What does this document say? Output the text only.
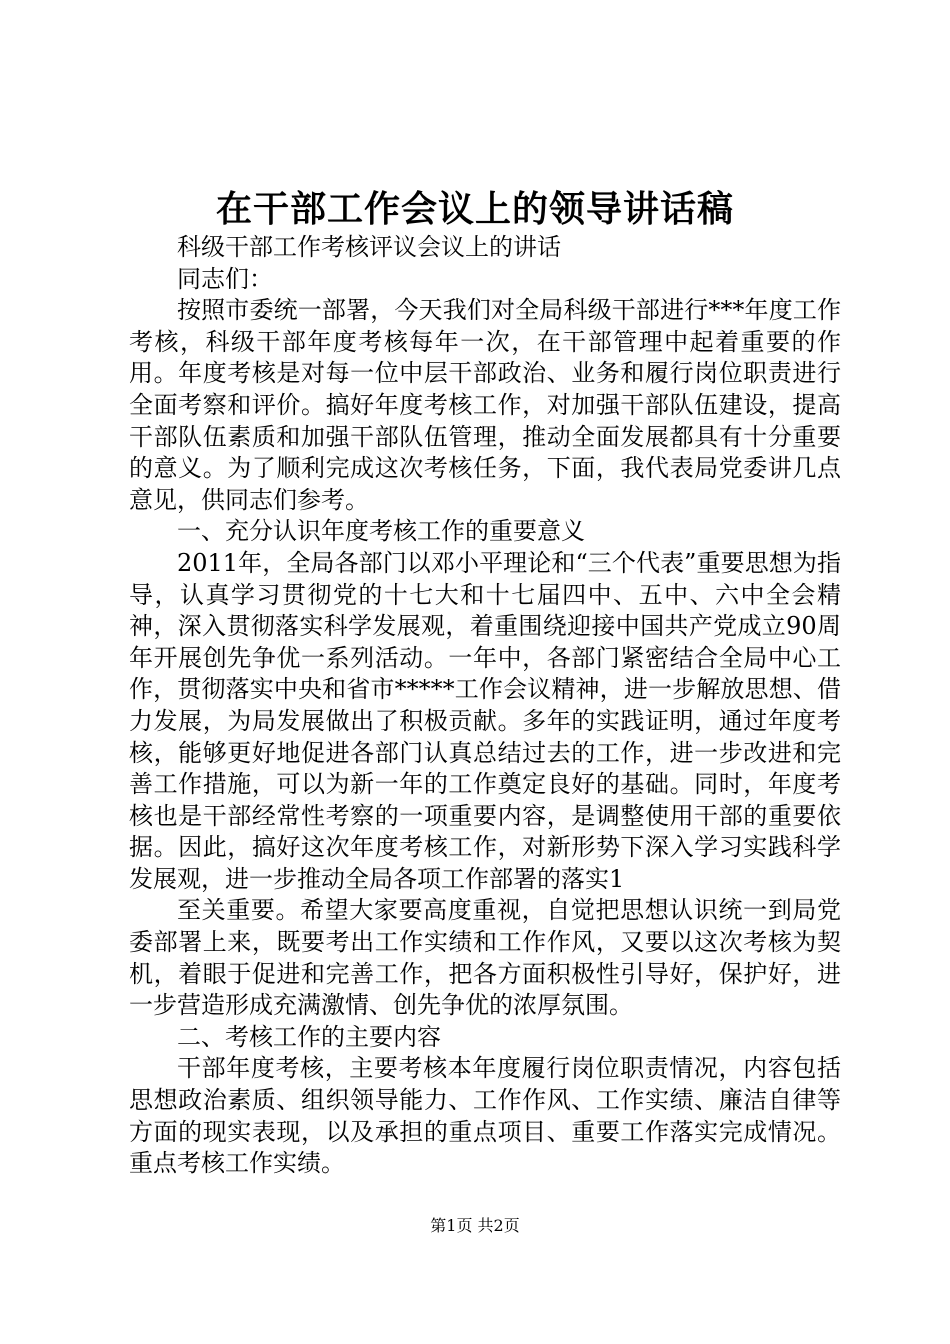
在干部工作会议上的领导讲话稿

科级干部工作考核评议会议上的讲话

同志们：

按照市委统一部署，今天我们对全局科级干部进行***年度工作考核，科级干部年度考核每年一次，在干部管理中起着重要的作用。年度考核是对每一位中层干部政治、业务和履行岗位职责进行全面考察和评价。搞好年度考核工作，对加强干部队伍建设，提高干部队伍素质和加强干部队伍管理，推动全面发展都具有十分重要的意义。为了顺利完成这次考核任务，下面，我代表局党委讲几点意见，供同志们参考。

一、充分认识年度考核工作的重要意义

2011年，全局各部门以邓小平理论和“三个代表”重要思想为指导，认真学习贯彻党的十七大和十七届四中、五中、六中全会精神，深入贯彻落实科学发展观，着重围绕迎接中国共产党成立90周年开展创先争优一系列活动。一年中，各部门紧密结合全局中心工作，贯彻落实中央和省市*****工作会议精神，进一步解放思想、借力发展，为局发展做出了积极贡献。多年的实践证明，通过年度考核，能够更好地促进各部门认真总结过去的工作，进一步改进和完善工作措施，可以为新一年的工作奠定良好的基础。同时，年度考核也是干部经常性考察的一项重要内容，是调整使用干部的重要依据。因此，搞好这次年度考核工作，对新形势下深入学习实践科学发展观，进一步推动全局各项工作部署的落实1

至关重要。希望大家要高度重视，自觉把思想认识统一到局党委部署上来，既要考出工作实绩和工作作风，又要以这次考核为契机，着眼于促进和完善工作，把各方面积极性引导好，保护好，进一步营造形成充满激情、创先争优的浓厚氛围。

二、考核工作的主要内容

干部年度考核，主要考核本年度履行岗位职责情况，内容包括思想政治素质、组织领导能力、工作作风、工作实绩、廉洁自律等方面的现实表现，以及承担的重点项目、重要工作落实完成情况。重点考核工作实绩。

第1页 共2页
